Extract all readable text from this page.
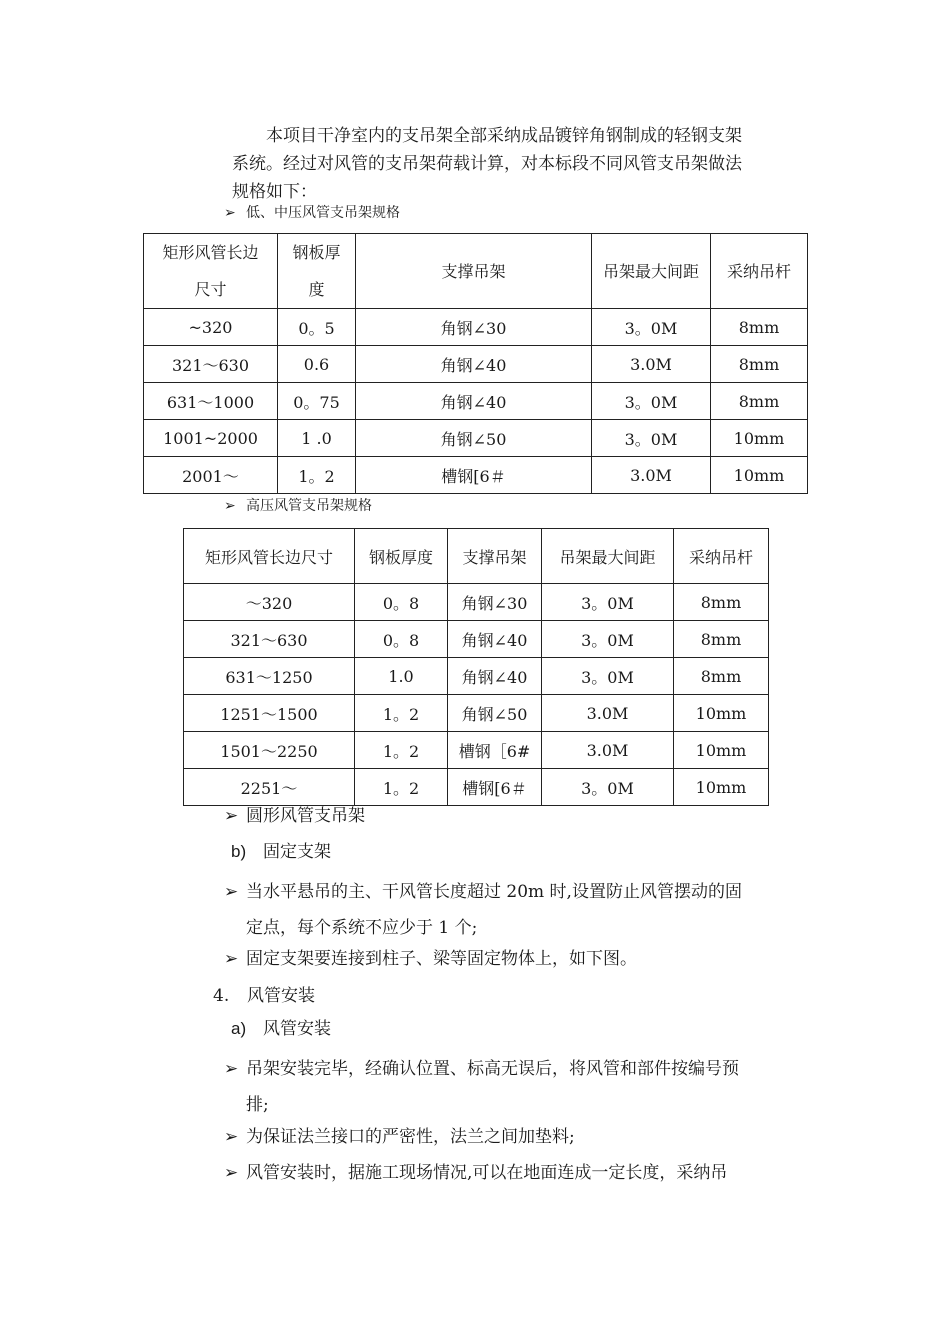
本项目干净室内的支吊架全部采纳成品镀锌角钢制成的轻钢支架
系统。经过对风管的支吊架荷载计算，对本标段不同风管支吊架做法
规格如下：
➢ 低、中压风管支吊架规格
矩形风管长边尺寸	钢板厚度	支撑吊架	吊架最大间距	采纳吊杆
~320	0。5	角钢∠30	3。0M	8mm
321～630	0.6	角钢∠40	3.0M	8mm
631～1000	0。75	角钢∠40	3。0M	8mm
1001~2000	1 .0	角钢∠50	3。0M	10mm
2001～	1。2	槽钢[6＃	3.0M	10mm
➢ 高压风管支吊架规格
矩形风管长边尺寸	钢板厚度	支撑吊架	吊架最大间距	采纳吊杆
～320	0。8	角钢∠30	3。0M	8mm
321～630	0。8	角钢∠40	3。0M	8mm
631～1250	1.0	角钢∠40	3。0M	8mm
1251～1500	1。2	角钢∠50	3.0M	10mm
1501～2250	1。2	槽钢［6#	3.0M	10mm
2251～	1。2	槽钢[6＃	3。0M	10mm
➢ 圆形风管支吊架
b) 固定支架
➢ 当水平悬吊的主、干风管长度超过 20m 时,设置防止风管摆动的固
定点，每个系统不应少于 1 个;
➢ 固定支架要连接到柱子、梁等固定物体上，如下图。
4. 风管安装
a) 风管安装
➢ 吊架安装完毕，经确认位置、标高无误后，将风管和部件按编号预
排;
➢ 为保证法兰接口的严密性，法兰之间加垫料;
➢ 风管安装时，据施工现场情况,可以在地面连成一定长度，采纳吊
